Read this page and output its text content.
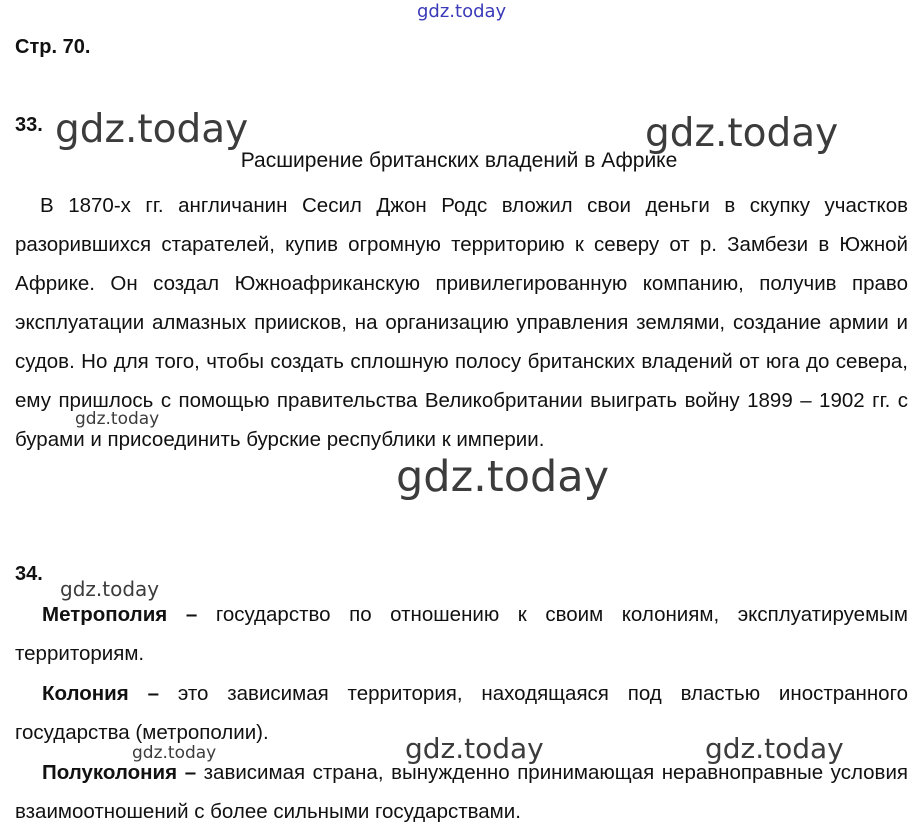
gdz.today
Стр. 70.
33. gdz.today	gdz.today
Расширение британских владений в Африке

В 1870-х гг. англичанин Сесил Джон Родс вложил свои деньги в скупку участков разорившихся старателей, купив огромную территорию к северу от р. Замбези в Южной Африке. Он создал Южноафриканскую привилегированную компанию, получив право эксплуатации алмазных приисков, на организацию управления землями, создание армии и судов. Но для того, чтобы создать сплошную полосу британских владений от юга до севера, ему пришлось с помощью правительства Великобритании выиграть войну 1899 – 1902 гг. с бурами и присоединить бурские республики к империи.

gdz.today
gdz.today
34.
gdz.today

Метрополия – государство по отношению к своим колониям, эксплуатируемым территориям.

Колония – это зависимая территория, находящаяся под властью иностранного государства (метрополии).

Полуколония – зависимая страна, вынужденно принимающая неравноправные условия взаимоотношений с более сильными государствами.

gdz.today	gdz.today	gdz.today
